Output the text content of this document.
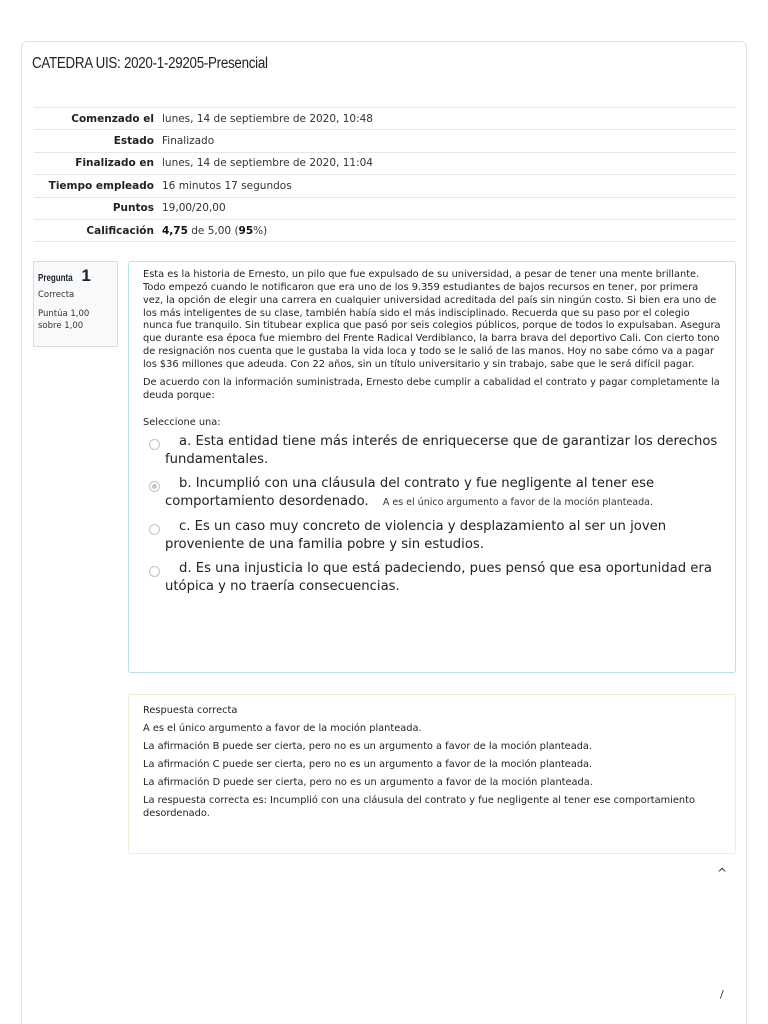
CATEDRA UIS: 2020-1-29205-Presencial
Comenzado el	lunes, 14 de septiembre de 2020, 10:48
Estado	Finalizado
Finalizado en	lunes, 14 de septiembre de 2020, 11:04
Tiempo empleado	16 minutos 17 segundos
Puntos	19,00/20,00
Calificación	4,75 de 5,00 (95%)
Pregunta 1
Correcta
Puntúa 1,00 sobre 1,00

Esta es la historia de Ernesto, un pilo que fue expulsado de su universidad, a pesar de tener una mente brillante. Todo empezó cuando le notificaron que era uno de los 9.359 estudiantes de bajos recursos en tener, por primera vez, la opción de elegir una carrera en cualquier universidad acreditada del país sin ningún costo. Si bien era uno de los más inteligentes de su clase, también había sido el más indisciplinado. Recuerda que su paso por el colegio nunca fue tranquilo. Sin titubear explica que pasó por seis colegios públicos, porque de todos lo expulsaban. Asegura que durante esa época fue miembro del Frente Radical Verdiblanco, la barra brava del deportivo Cali. Con cierto tono de resignación nos cuenta que le gustaba la vida loca y todo se le salió de las manos. Hoy no sabe cómo va a pagar los $36 millones que adeuda. Con 22 años, sin un título universitario y sin trabajo, sabe que le será difícil pagar.

De acuerdo con la información suministrada, Ernesto debe cumplir a cabalidad el contrato y pagar completamente la deuda porque:

Seleccione una:
a. Esta entidad tiene más interés de enriquecerse que de garantizar los derechos fundamentales.
b. Incumplió con una cláusula del contrato y fue negligente al tener ese comportamiento desordenado. A es el único argumento a favor de la moción planteada.
c. Es un caso muy concreto de violencia y desplazamiento al ser un joven proveniente de una familia pobre y sin estudios.
d. Es una injusticia lo que está padeciendo, pues pensó que esa oportunidad era utópica y no traería consecuencias.

Respuesta correcta

A es el único argumento a favor de la moción planteada.

La afirmación B puede ser cierta, pero no es un argumento a favor de la moción planteada.

La afirmación C puede ser cierta, pero no es un argumento a favor de la moción planteada.

La afirmación D puede ser cierta, pero no es un argumento a favor de la moción planteada.

La respuesta correcta es: Incumplió con una cláusula del contrato y fue negligente al tener ese comportamiento desordenado.

^
/
